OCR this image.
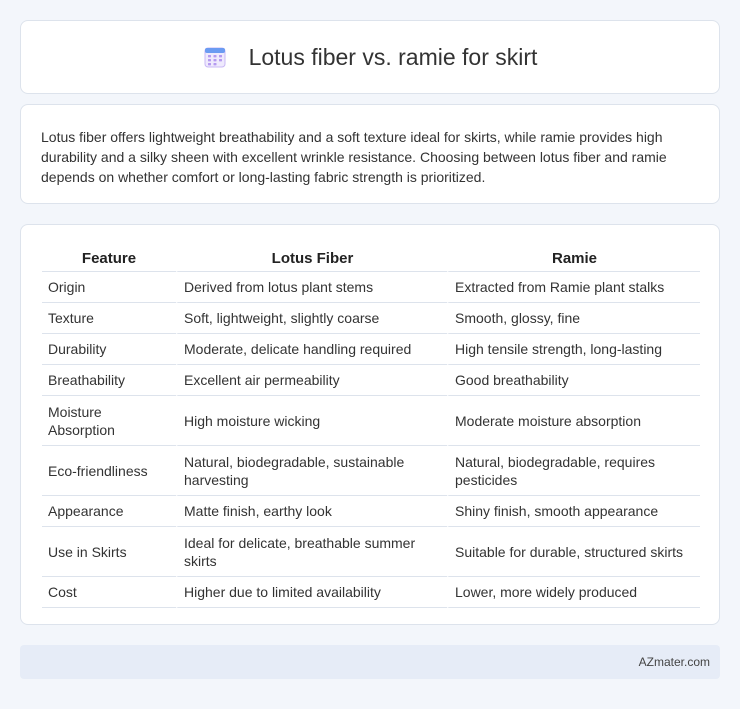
Lotus fiber vs. ramie for skirt

Lotus fiber offers lightweight breathability and a soft texture ideal for skirts, while ramie provides high durability and a silky sheen with excellent wrinkle resistance. Choosing between lotus fiber and ramie depends on whether comfort or long-lasting fabric strength is prioritized.

Feature	Lotus Fiber	Ramie
Origin	Derived from lotus plant stems	Extracted from Ramie plant stalks
Texture	Soft, lightweight, slightly coarse	Smooth, glossy, fine
Durability	Moderate, delicate handling required	High tensile strength, long-lasting
Breathability	Excellent air permeability	Good breathability
Moisture Absorption	High moisture wicking	Moderate moisture absorption
Eco-friendliness	Natural, biodegradable, sustainable harvesting	Natural, biodegradable, requires pesticides
Appearance	Matte finish, earthy look	Shiny finish, smooth appearance
Use in Skirts	Ideal for delicate, breathable summer skirts	Suitable for durable, structured skirts
Cost	Higher due to limited availability	Lower, more widely produced
AZmater.com
